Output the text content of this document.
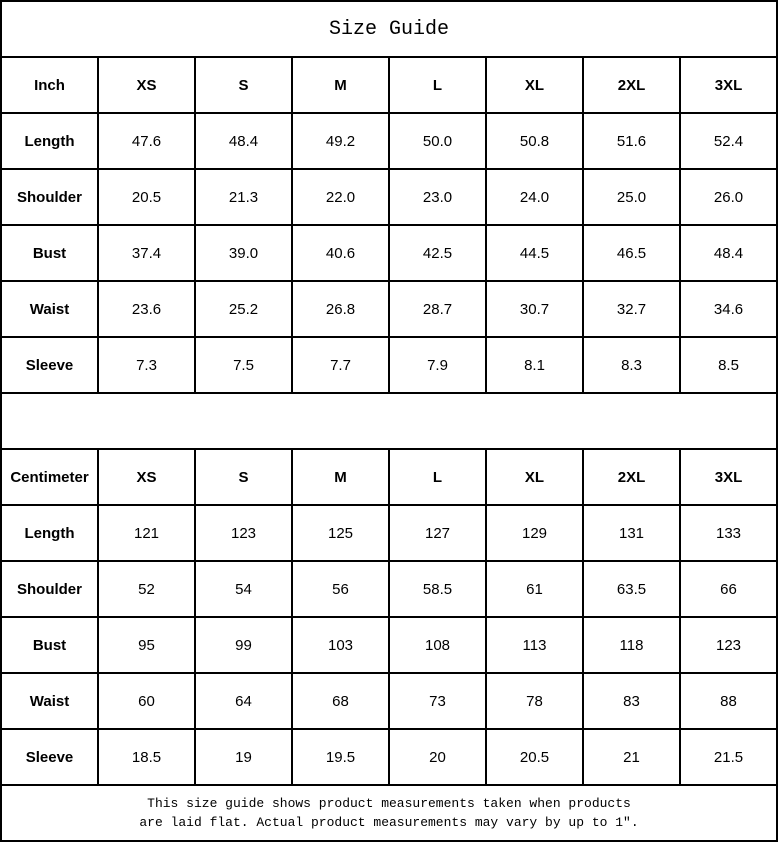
Size Guide							
Inch	XS	S	M	L	XL	2XL	3XL
Length	47.6	48.4	49.2	50.0	50.8	51.6	52.4
Shoulder	20.5	21.3	22.0	23.0	24.0	25.0	26.0
Bust	37.4	39.0	40.6	42.5	44.5	46.5	48.4
Waist	23.6	25.2	26.8	28.7	30.7	32.7	34.6
Sleeve	7.3	7.5	7.7	7.9	8.1	8.3	8.5

Centimeter	XS	S	M	L	XL	2XL	3XL
Length	121	123	125	127	129	131	133
Shoulder	52	54	56	58.5	61	63.5	66
Bust	95	99	103	108	113	118	123
Waist	60	64	68	73	78	83	88
Sleeve	18.5	19	19.5	20	20.5	21	21.5

This size guide shows product measurements taken when products
are laid flat. Actual product measurements may vary by up to 1″.							
